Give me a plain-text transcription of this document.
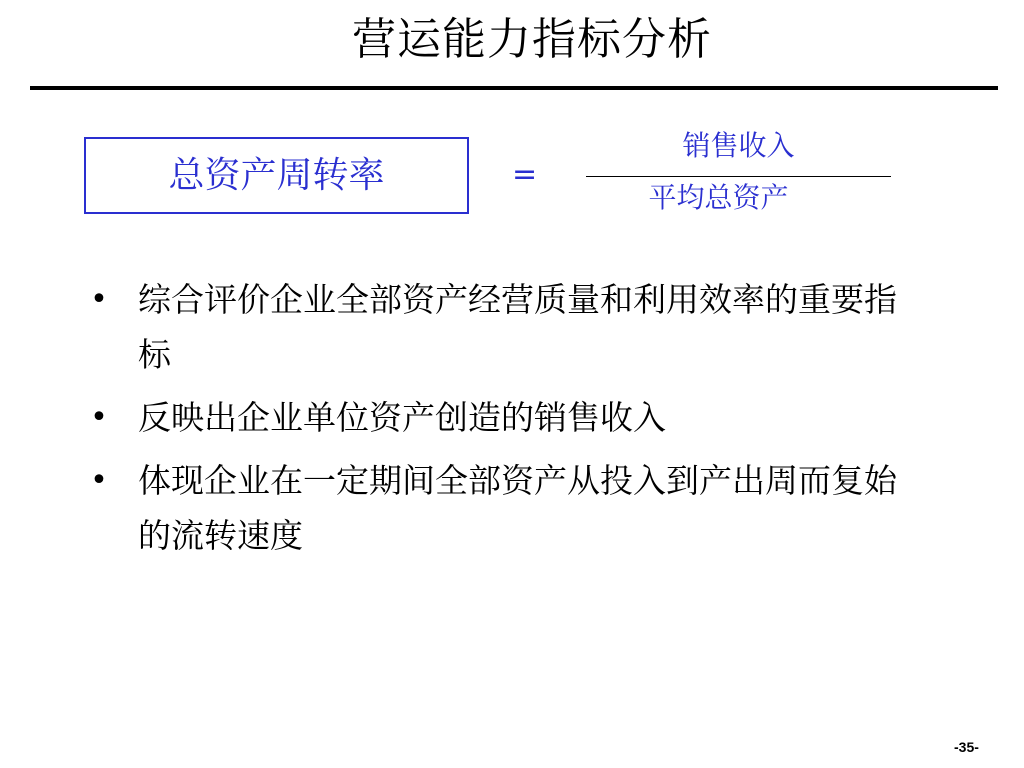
营运能力指标分析
总资产周转率	=
销售收入
平均总资产
• 综合评价企业全部资产经营质量和利用效率的重要指标
• 反映出企业单位资产创造的销售收入
• 体现企业在一定期间全部资产从投入到产出周而复始的流转速度
-35-
